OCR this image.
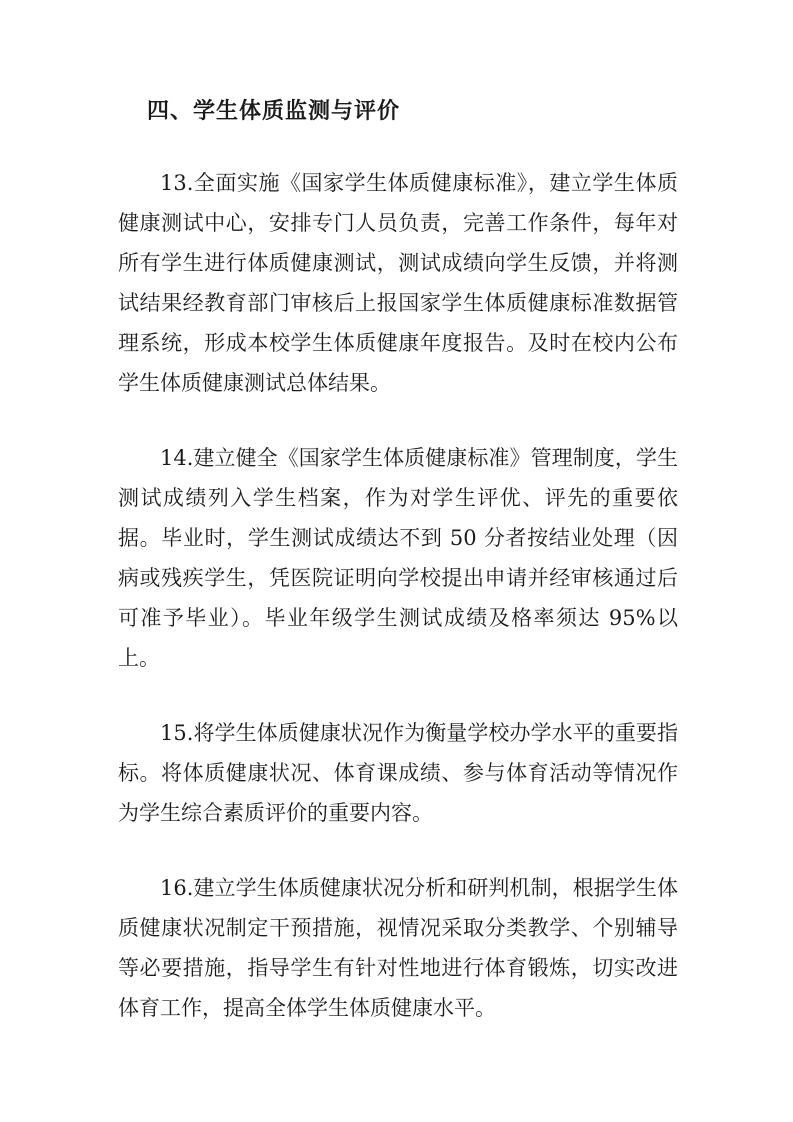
四、学生体质监测与评价

13.全面实施《国家学生体质健康标准》，建立学生体质健康测试中心，安排专门人员负责，完善工作条件，每年对所有学生进行体质健康测试，测试成绩向学生反馈，并将测试结果经教育部门审核后上报国家学生体质健康标准数据管理系统，形成本校学生体质健康年度报告。及时在校内公布学生体质健康测试总体结果。

14.建立健全《国家学生体质健康标准》管理制度，学生测试成绩列入学生档案，作为对学生评优、评先的重要依据。毕业时，学生测试成绩达不到 50 分者按结业处理（因病或残疾学生，凭医院证明向学校提出申请并经审核通过后可准予毕业）。毕业年级学生测试成绩及格率须达 95%以上。

15.将学生体质健康状况作为衡量学校办学水平的重要指标。将体质健康状况、体育课成绩、参与体育活动等情况作为学生综合素质评价的重要内容。

16.建立学生体质健康状况分析和研判机制，根据学生体质健康状况制定干预措施，视情况采取分类教学、个别辅导等必要措施，指导学生有针对性地进行体育锻炼，切实改进体育工作，提高全体学生体质健康水平。
